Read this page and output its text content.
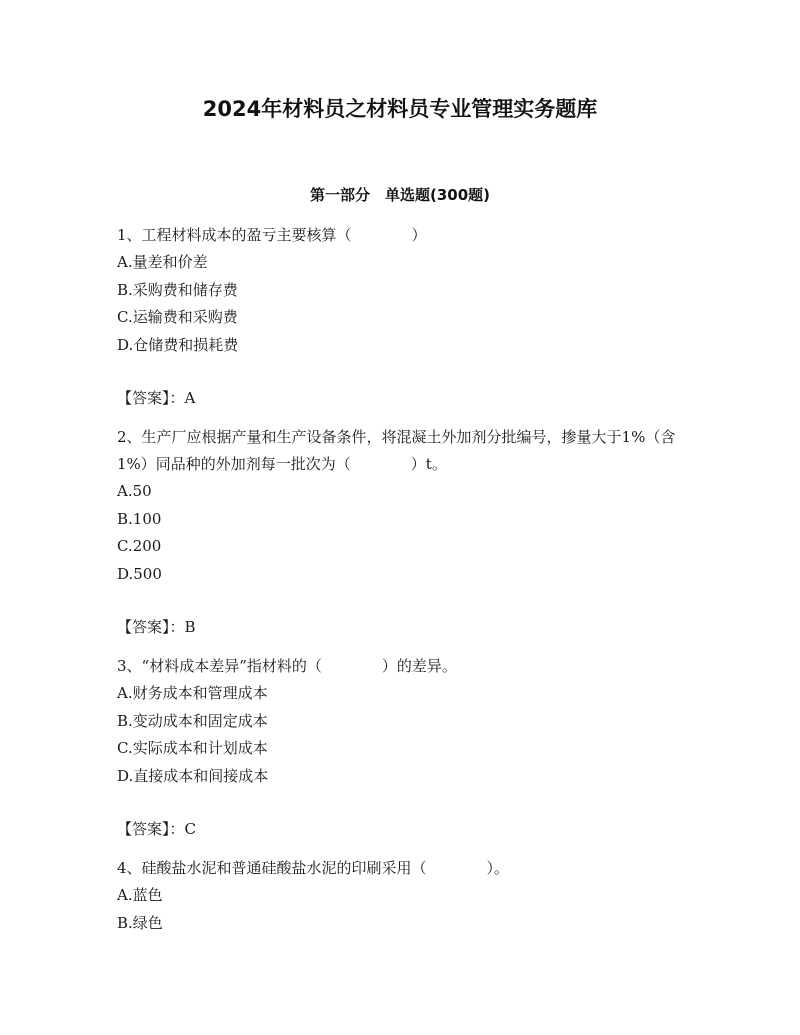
2024年材料员之材料员专业管理实务题库
第一部分　单选题(300题)

1、工程材料成本的盈亏主要核算（　　　　）

A.量差和价差

B.采购费和储存费

C.运输费和采购费

D.仓储费和损耗费

【答案】：A

2、生产厂应根据产量和生产设备条件，将混凝土外加剂分批编号，掺量大于1%（含1%）同品种的外加剂每一批次为（　　　　）t。

A.50

B.100

C.200

D.500

【答案】：B

3、“材料成本差异”指材料的（　　　　）的差异。

A.财务成本和管理成本

B.变动成本和固定成本

C.实际成本和计划成本

D.直接成本和间接成本

【答案】：C

4、硅酸盐水泥和普通硅酸盐水泥的印刷采用（　　　　）。

A.蓝色

B.绿色
